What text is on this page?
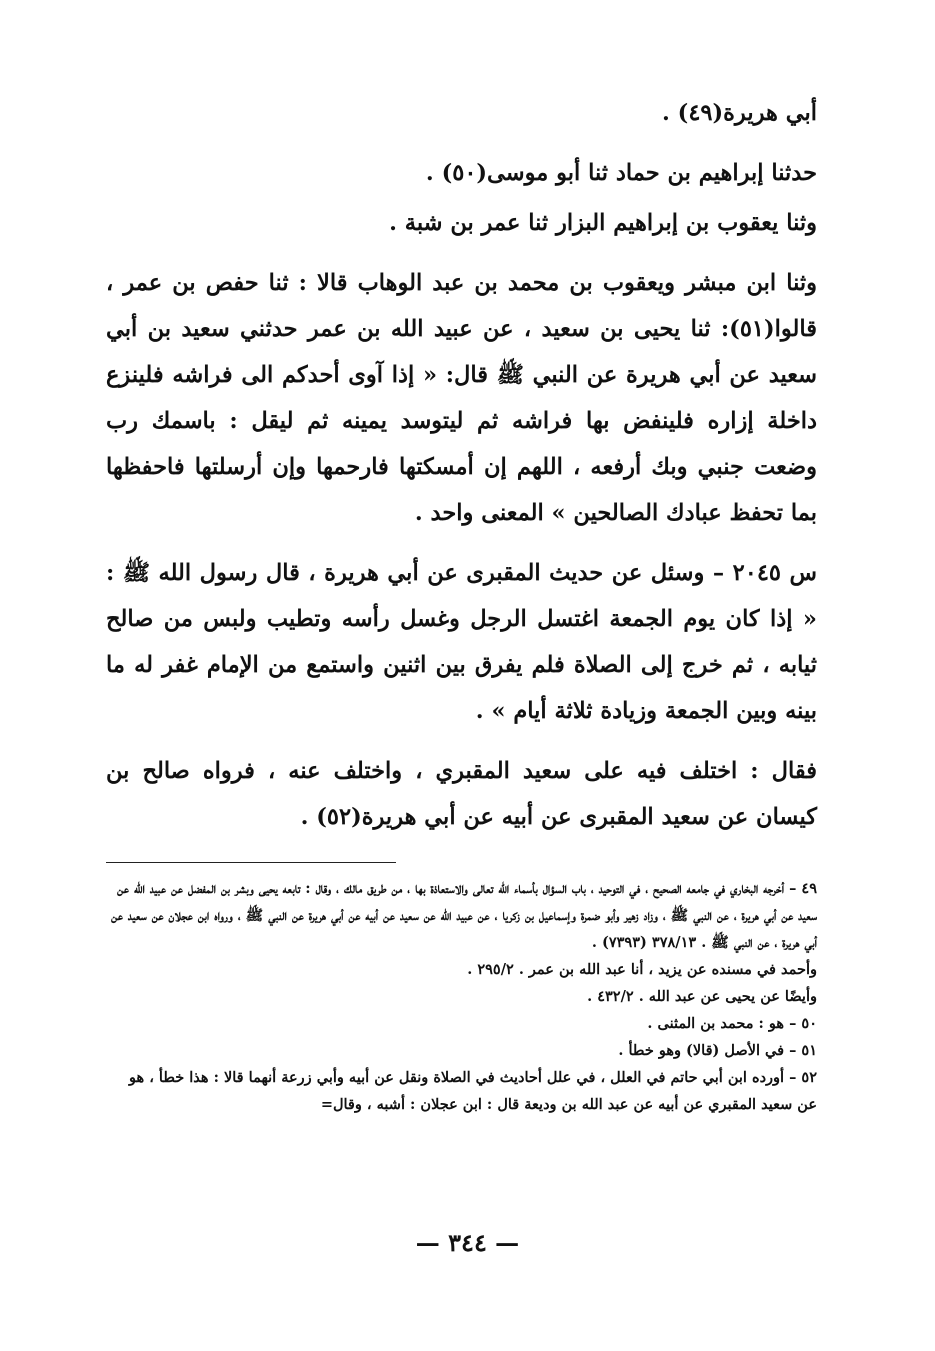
أبي هريرة(٤٩) .

حدثنا إبراهيم بن حماد ثنا أبو موسى(٥٠) .

وثنا يعقوب بن إبراهيم البزار ثنا عمر بن شبة .

وثنا ابن مبشر ويعقوب بن محمد بن عبد الوهاب قالا : ثنا حفص بن عمر ، قالوا(٥١): ثنا يحيى بن سعيد ، عن عبيد الله بن عمر حدثني سعيد بن أبي سعيد عن أبي هريرة عن النبي ﷺ قال: « إذا آوى أحدكم الى فراشه فلينزع داخلة إزاره فلينفض بها فراشه ثم ليتوسد يمينه ثم ليقل : باسمك رب وضعت جنبي وبك أرفعه ، اللهم إن أمسكتها فارحمها وإن أرسلتها فاحفظها بما تحفظ عبادك الصالحين » المعنى واحد .

س ٢٠٤٥ – وسئل عن حديث المقبرى عن أبي هريرة ، قال رسول الله ﷺ : « إذا كان يوم الجمعة اغتسل الرجل وغسل رأسه وتطيب ولبس من صالح ثيابه ، ثم خرج إلى الصلاة فلم يفرق بين اثنين واستمع من الإمام غفر له ما بينه وبين الجمعة وزيادة ثلاثة أيام » .

فقال : اختلف فيه على سعيد المقبري ، واختلف عنه ، فرواه صالح بن كيسان عن سعيد المقبرى عن أبيه عن أبي هريرة(٥٢) .

٤٩ – أخرجه البخاري في جامعه الصحيح ، في التوحيد ، باب السؤال بأسماء الله تعالى والاستعاذة بها ، من طريق مالك ، وقال : تابعه يحيى وبشر بن المفضل عن عبيد الله عن سعيد عن أبي هريرة ، عن النبي ﷺ ، وزاد زهير وأبو ضمرة وإسماعيل بن زكريا ، عن عبيد الله عن سعيد عن أبيه عن أبي هريرة عن النبي ﷺ ، ورواه ابن عجلان عن سعيد عن أبي هريرة ، عن النبي ﷺ . ٣٧٨/١٣ (٧٣٩٣) .

وأحمد في مسنده عن يزيد ، أنا عبد الله بن عمر . ٢٩٥/٢ .

وأيضًا عن يحيى عن عبد الله . ٤٣٢/٢ .

٥٠ – هو : محمد بن المثنى .

٥١ – في الأصل (قالا) وهو خطأ .

٥٢ – أورده ابن أبي حاتم في العلل ، في علل أحاديث في الصلاة ونقل عن أبيه وأبي زرعة أنهما قالا : هذا خطأ ، هو عن سعيد المقبري عن أبيه عن عبد الله بن وديعة قال : ابن عجلان : أشبه ، وقال=

— ٣٤٤ —
